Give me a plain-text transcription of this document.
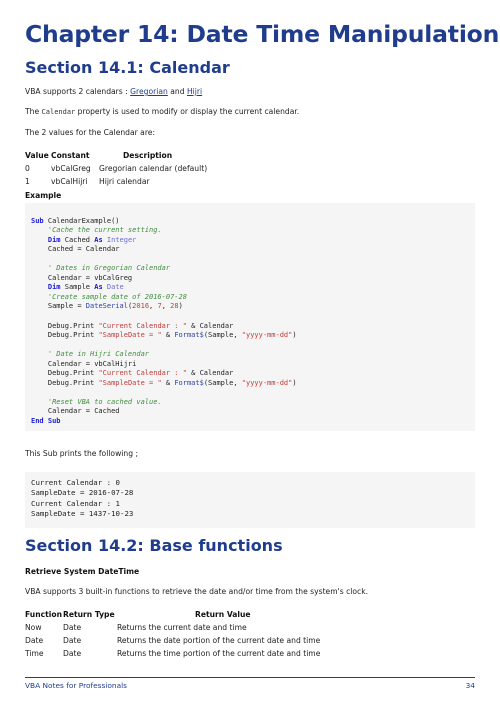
Chapter 14: Date Time Manipulation
Section 14.1: Calendar
VBA supports 2 calendars : Gregorian and Hijri
The Calendar property is used to modify or display the current calendar.
The 2 values for the Calendar are:
Value	Constant	Description
0	vbCalGreg	Gregorian calendar (default)
1	vbCalHijri	Hijri calendar
Example

Sub CalendarExample()
'Cache the current setting.
Dim Cached As Integer
Cached = Calendar

' Dates in Gregorian Calendar
Calendar = vbCalGreg
Dim Sample As Date
'Create sample date of 2016-07-28
Sample = DateSerial(2016, 7, 28)

Debug.Print "Current Calendar : " & Calendar
Debug.Print "SampleDate = " & Format$(Sample, "yyyy-mm-dd")

' Date in Hijri Calendar
Calendar = vbCalHijri
Debug.Print "Current Calendar : " & Calendar
Debug.Print "SampleDate = " & Format$(Sample, "yyyy-mm-dd")

'Reset VBA to cached value.
Calendar = Cached
End Sub

This Sub prints the following ;
Current Calendar : 0
SampleDate = 2016-07-28
Current Calendar : 1
SampleDate = 1437-10-23
Section 14.2: Base functions
Retrieve System DateTime
VBA supports 3 built-in functions to retrieve the date and/or time from the system's clock.
Function	Return Type	Return Value
Now	Date	Returns the current date and time
Date	Date	Returns the date portion of the current date and time
Time	Date	Returns the time portion of the current date and time
VBA Notes for Professionals	34
